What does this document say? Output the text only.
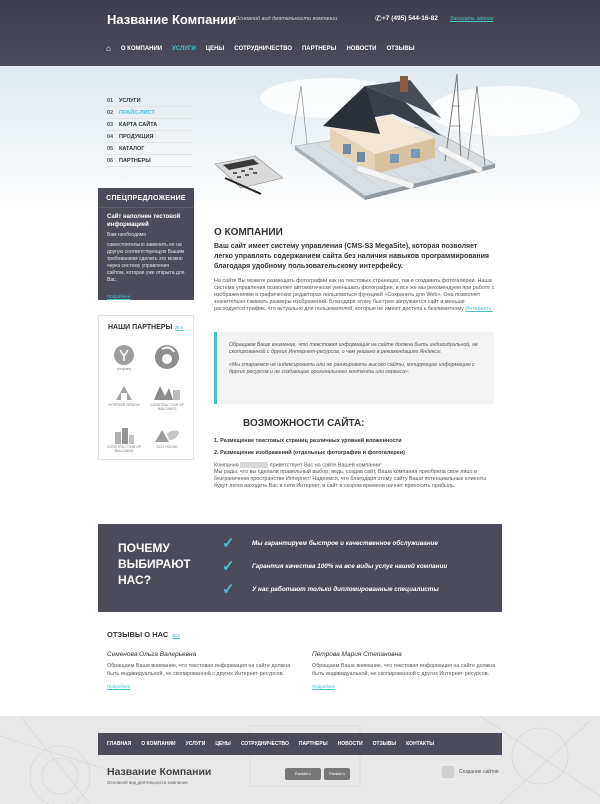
Название Компании
Основной вид деятельности компании	✆ +7 (495) 544-16-82 Заказать звонок
⌂ О КОМПАНИИ УСЛУГИ ЦЕНЫ СОТРУДНИЧЕСТВО ПАРТНЕРЫ НОВОСТИ ОТЗЫВЫ
01	УСЛУГИ
02	ПРАЙС-ЛИСТ
03	КАРТА САЙТА
04	ПРОДУКЦИЯ
05	КАТАЛОГ
06	ПАРТНЕРЫ
СПЕЦПРЕДЛОЖЕНИЕ
Сайт наполнен тестовой информацией
Вам необходимо
самостоятельно заменить ее на другую соответствующую Вашим требованиям сделать это можно через систему управления сайтом, которая уже открыта для Вас.
Подробнее
НАШИ ПАРТНЕРЫ Все
company
INTERIOR DESIGN	CONSTRUCTION OF BUILDINGS
CONSTRUCTION OF BUILDINGS
ECO HOUSE
О КОМПАНИИ
Ваш сайт имеет систему управления (CMS-S3 MegaSite), которая позволяет легко управлять содержанием сайта без наличия навыков программирования благодаря удобному пользовательскому интерфейсу.
На сайте Вы можете размещать фотографии как на текстовых страницах, так и создавать фотогалереи. Наша система управления позволяет автоматически уменьшать фотографии, и все же мы рекомендуем при работе с изображениями в графических редакторах пользоваться функцией «Сохранить для Web». Она позволяет значительно сжимать размеры изображений. Благодаря этому быстрее загружается сайт и меньше расходуется трафик, что актуально для пользователей, которые не имеют доступа к безлимитному Интернету.

Обращаем Ваше внимание, что текстовая информация на сайте должна быть индивидуальной, не скопированной с других Интернет-ресурсов, о чем указано в рекомендациях Яндекса:

«Мы стараемся не индексировать или не ранжировать высоко сайты, копирующие информацию с других ресурсов и не создающие оригинального контента или сервиса».

ВОЗМОЖНОСТИ САЙТА:
1. Размещение текстовых страниц различных уровней вложенности
2. Размещение изображений (отдельные фотографии и фотогалереи)
Компания	приветствует Вас на сайте Вашей компании!
Мы рады, что вы сделали правильный выбор, ведь, создав сайт, Ваша компания приобрела свое лицо в безграничном пространстве Интернет! Надеемся, что благодаря этому сайту Ваши потенциальные клиенты будут легко находить Вас в сети Интернет, и сайт в скором времени начнет приносить прибыль.
ПОЧЕМУ ВЫБИРАЮТ НАС?
✓	Мы гарантируем быстрое и качественное обслуживание
✓	Гарантия качества 100% на все виды услуг нашей компании
✓	У нас работают только дипломированные специалисты
ОТЗЫВЫ О НАС Все
Семенова Ольга Валерьевна
Обращаем Ваше внимание, что текстовая информация на сайте должна быть индивидуальной, не скопированной с других Интернет-ресурсов.
Подробнее
Петрова Мария Степановна
Обращаем Ваше внимание, что текстовая информация на сайте должна быть индивидуальной, не скопированной с других Интернет-ресурсов.
Подробнее
ГЛАВНАЯ О КОМПАНИИ УСЛУГИ ЦЕНЫ СОТРУДНИЧЕСТВО ПАРТНЕРЫ НОВОСТИ ОТЗЫВЫ КОНТАКТЫ
Название Компании
Основной вид деятельности компании
Rambler's	Rambler's	Создание сайтов
